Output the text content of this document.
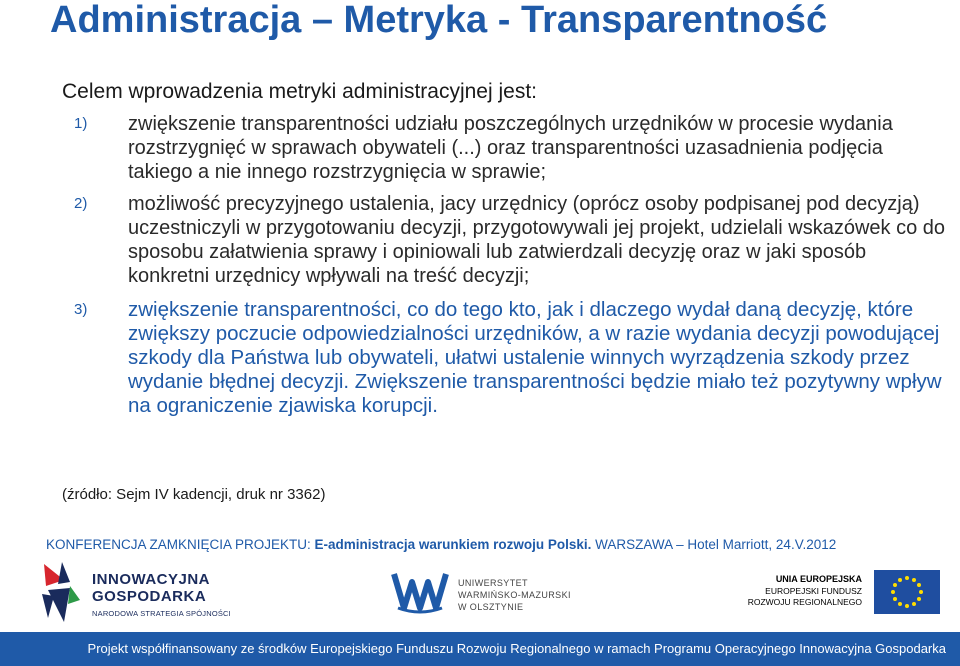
Administracja – Metryka - Transparentność
Celem wprowadzenia metryki administracyjnej jest:
1) zwiększenie transparentności udziału poszczególnych urzędników w procesie wydania rozstrzygnięć w sprawach obywateli (...) oraz transparentności uzasadnienia podjęcia takiego a nie innego rozstrzygnięcia w sprawie;
2) możliwość precyzyjnego ustalenia, jacy urzędnicy (oprócz osoby podpisanej pod decyzją) uczestniczyli w przygotowaniu decyzji, przygotowywali jej projekt, udzielali wskazówek co do sposobu załatwienia sprawy i opiniowali lub zatwierdzali decyzję oraz w jaki sposób konkretni urzędnicy wpływali na treść decyzji;
3) zwiększenie transparentności, co do tego kto, jak i dlaczego wydał daną decyzję, które zwiększy poczucie odpowiedzialności urzędników, a w razie wydania decyzji powodującej szkody dla Państwa lub obywateli, ułatwi ustalenie winnych wyrządzenia szkody przez wydanie błędnej decyzji. Zwiększenie transparentności będzie miało też pozytywny wpływ na ograniczenie zjawiska korupcji.
(źródło: Sejm IV kadencji, druk nr 3362)
KONFERENCJA ZAMKNIĘCIA PROJEKTU: E-administracja warunkiem rozwoju Polski. WARSZAWA – Hotel Marriott, 24.V.2012
INNOWACYJNA
GOSPODARKA
NARODOWA STRATEGIA SPÓJNOŚCI
UNIWERSYTET
WARMIŃSKO-MAZURSKI
W OLSZTYNIE
UNIA EUROPEJSKA
EUROPEJSKI FUNDUSZ
ROZWOJU REGIONALNEGO
Projekt współfinansowany ze środków Europejskiego Funduszu Rozwoju Regionalnego w ramach Programu Operacyjnego Innowacyjna Gospodarka
